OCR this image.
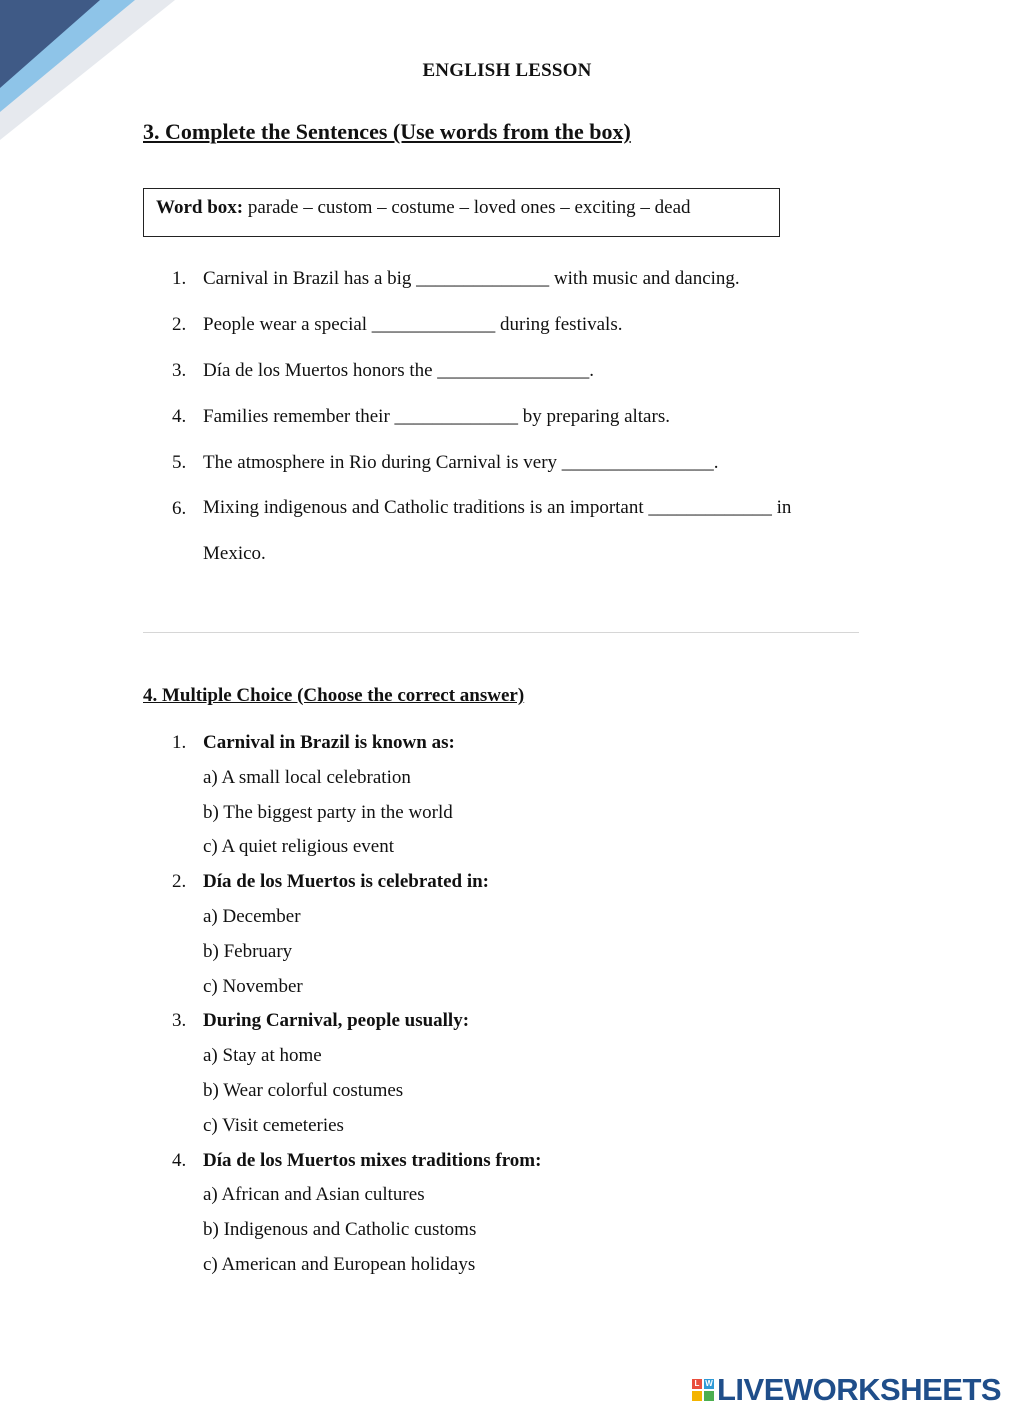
ENGLISH LESSON
3. Complete the Sentences (Use words from the box)
Word box: parade – custom – costume – loved ones – exciting – dead
1. Carnival in Brazil has a big ______________ with music and dancing.
2. People wear a special _____________ during festivals.
3. Día de los Muertos honors the ________________.
4. Families remember their _____________ by preparing altars.
5. The atmosphere in Rio during Carnival is very ________________.
6. Mixing indigenous and Catholic traditions is an important _____________ in Mexico.
4. Multiple Choice (Choose the correct answer)
1. Carnival in Brazil is known as:
a) A small local celebration
b) The biggest party in the world
c) A quiet religious event
2. Día de los Muertos is celebrated in:
a) December
b) February
c) November
3. During Carnival, people usually:
a) Stay at home
b) Wear colorful costumes
c) Visit cemeteries
4. Día de los Muertos mixes traditions from:
a) African and Asian cultures
b) Indigenous and Catholic customs
c) American and European holidays
L W LIVEWORKSHEETS
